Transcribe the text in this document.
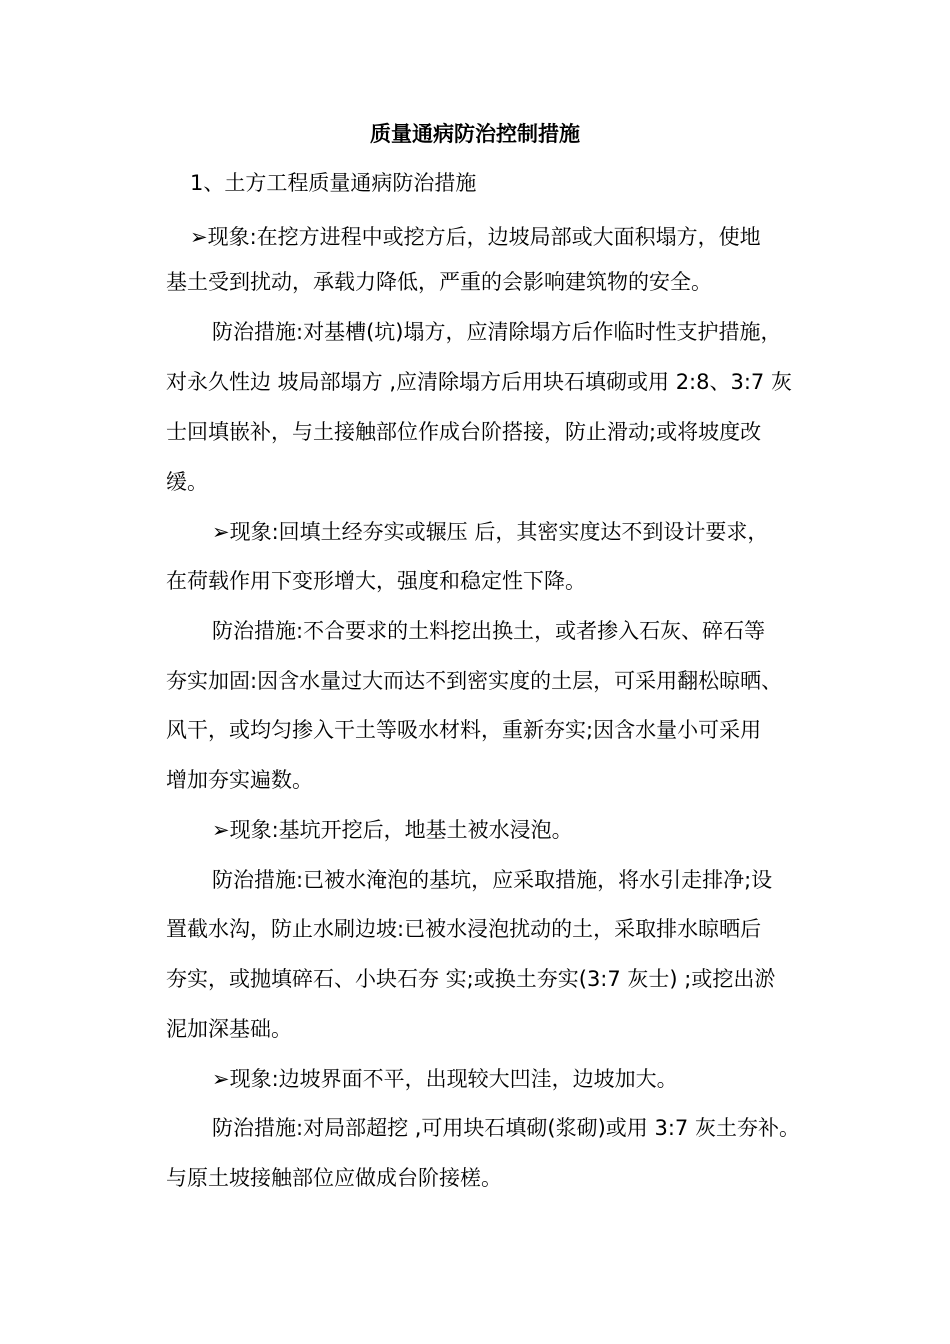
质量通病防治控制措施
1、土方工程质量通病防治措施
➢现象:在挖方进程中或挖方后，边坡局部或大面积塌方，使地
基土受到扰动，承载力降低，严重的会影响建筑物的安全。
防治措施:对基槽(坑)塌方，应清除塌方后作临时性支护措施，
对永久性边 坡局部塌方 ,应清除塌方后用块石填砌或用 2:8、3:7 灰
士回填嵌补，与土接触部位作成台阶搭接，防止滑动;或将坡度改
缓。
➢现象:回填土经夯实或辗压 后，其密实度达不到设计要求，
在荷载作用下变形增大，强度和稳定性下降。
防治措施:不合要求的土料挖出换土，或者掺入石灰、碎石等
夯实加固:因含水量过大而达不到密实度的土层，可采用翻松晾晒、
风干，或均匀掺入干土等吸水材料，重新夯实;因含水量小可采用
增加夯实遍数。
➢现象:基坑开挖后，地基土被水浸泡。
防治措施:已被水淹泡的基坑，应采取措施，将水引走排净;设
置截水沟，防止水刷边坡:已被水浸泡扰动的土，采取排水晾晒后
夯实，或抛填碎石、小块石夯 实;或换土夯实(3:7 灰士) ;或挖出淤
泥加深基础。
➢现象:边坡界面不平，出现较大凹洼，边坡加大。
防治措施:对局部超挖 ,可用块石填砌(浆砌)或用 3:7 灰土夯补。
与原土坡接触部位应做成台阶接槎。
